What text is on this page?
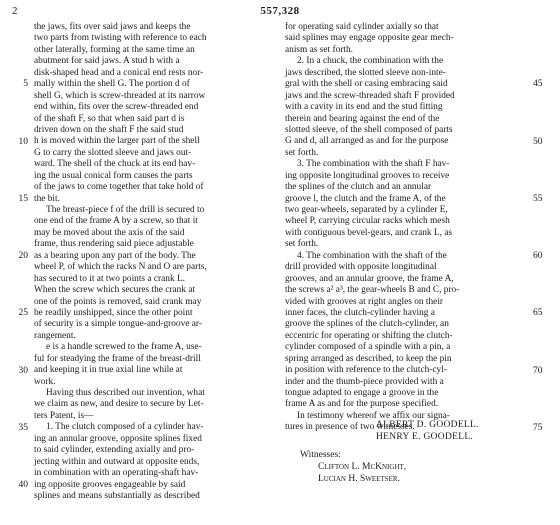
2	557,328
5
10
15
20
25
30
35
40
the jaws, fits over said jaws and keeps the
two parts from twisting with reference to each
other laterally, forming at the same time an
abutment for said jaws. A stud h with a
disk-shaped head and a conical end rests nor-
mally within the shell G. The portion d of
shell G, which is screw-threaded at its narrow
end within, fits over the screw-threaded end
of the shaft F, so that when said part d is
driven down on the shaft F the said stud
h is moved within the larger part of the shell
G to carry the slotted sleeve and jaws out-
ward. The shell of the chuck at its end hav-
ing the usual conical form causes the parts
of the jaws to come together that take hold of
the bit.
The breast-piece f of the drill is secured to
one end of the frame A by a screw, so that it
may be moved about the axis of the said
frame, thus rendering said piece adjustable
as a bearing upon any part of the body. The
wheel P, of which the racks N and O are parts,
has secured to it at two points a crank L.
When the screw which secures the crank at
one of the points is removed, said crank may
be readily unshipped, since the other point
of security is a simple tongue-and-groove ar-
rangement.
e is a handle screwed to the frame A, use-
ful for steadying the frame of the breast-drill
and keeping it in true axial line while at
work.
Having thus described our invention, what
we claim as new, and desire to secure by Let-
ters Patent, is—
1. The clutch composed of a cylinder hav-
ing an annular groove, opposite splines fixed
to said cylinder, extending axially and pro-
jecting within and outward at opposite ends,
in combination with an operating-shaft hav-
ing opposite grooves engageable by said
splines and means substantially as described
for operating said cylinder axially so that
said splines may engage opposite gear mech-
anism as set forth.
2. In a chuck, the combination with the
jaws described, the slotted sleeve non-inte-
gral with the shell or casing embracing said
jaws and the screw-threaded shaft F provided
with a cavity in its end and the stud fitting
therein and bearing against the end of the
slotted sleeve, of the shell composed of parts
G and d, all arranged as and for the purpose
set forth.
3. The combination with the shaft F hav-
ing opposite longitudinal grooves to receive
the splines of the clutch and an annular
groove l, the clutch and the frame A, of the
two gear-wheels, separated by a cylinder E,
wheel P, carrying circular racks which mesh
with contiguous bevel-gears, and crank L, as
set forth.
4. The combination with the shaft of the
drill provided with opposite longitudinal
grooves, and an annular groove, the frame A,
the screws a² a³, the gear-wheels B and C, pro-
vided with grooves at right angles on their
inner faces, the clutch-cylinder having a
groove the splines of the clutch-cylinder, an
eccentric for operating or shifting the clutch-
cylinder composed of a spindle with a pin, a
spring arranged as described, to keep the pin
in position with reference to the clutch-cyl-
inder and the thumb-piece provided with a
tongue adapted to engage a groove in the
frame A as and for the purpose specified.
In testimony whereof we affix our signa-
tures in presence of two witnesses.
45
50
55
60
65
70
75
ALBERT D. GOODELL.
HENRY E. GOODELL.
Witnesses:
Clifton L. McKnight,
Lucian H. Sweetser.
